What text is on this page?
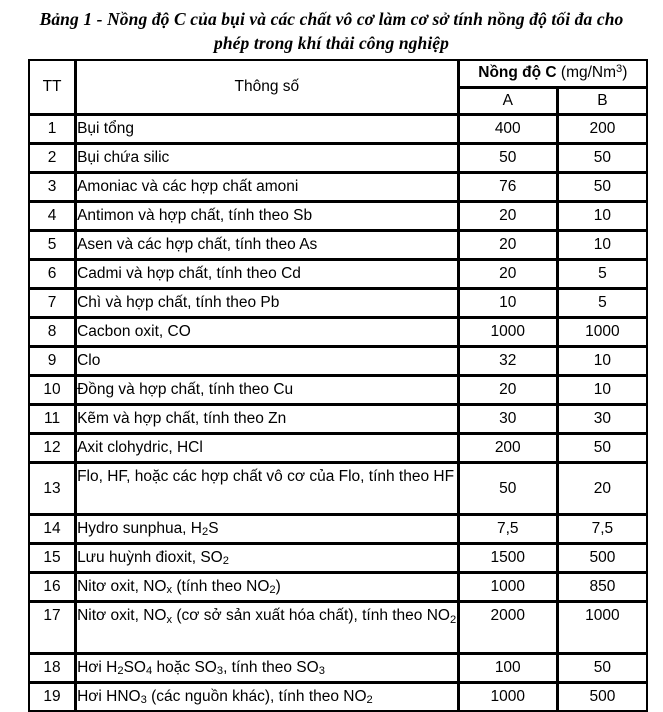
Bảng 1 - Nồng độ C của bụi và các chất vô cơ làm cơ sở tính nồng độ tối đa cho
phép trong khí thải công nghiệp
TT	Thông số	Nồng độ C (mg/Nm$^3$)	
		A	B
1	Bụi tổng	400	200
2	Bụi chứa silic	50	50
3	Amoniac và các hợp chất amoni	76	50
4	Antimon và hợp chất, tính theo Sb	20	10
5	Asen và các hợp chất, tính theo As	20	10
6	Cadmi và hợp chất, tính theo Cd	20	5
7	Chì và hợp chất, tính theo Pb	10	5
8	Cacbon oxit, CO	1000	1000
9	Clo	32	10
10	Đồng và hợp chất, tính theo Cu	20	10
11	Kẽm và hợp chất, tính theo Zn	30	30
12	Axit clohydric, HCl	200	50
13	Flo, HF, hoặc các hợp chất vô cơ của Flo, tính theo HF	50	20
14	Hydro sunphua, $H_2S$	7,5	7,5
15	Lưu huỳnh đioxit, $SO_2$	1500	500
16	Nitơ oxit, $NO_x$ (tính theo $NO_2$)	1000	850
17	Nitơ oxit, $NO_x$ (cơ sở sản xuất hóa chất), tính theo $NO_2$	2000	1000
18	Hơi $H_2SO_4$ hoặc $SO_3$, tính theo $SO_3$	100	50
19	Hơi $HNO_3$ (các nguồn khác), tính theo $NO_2$	1000	500
